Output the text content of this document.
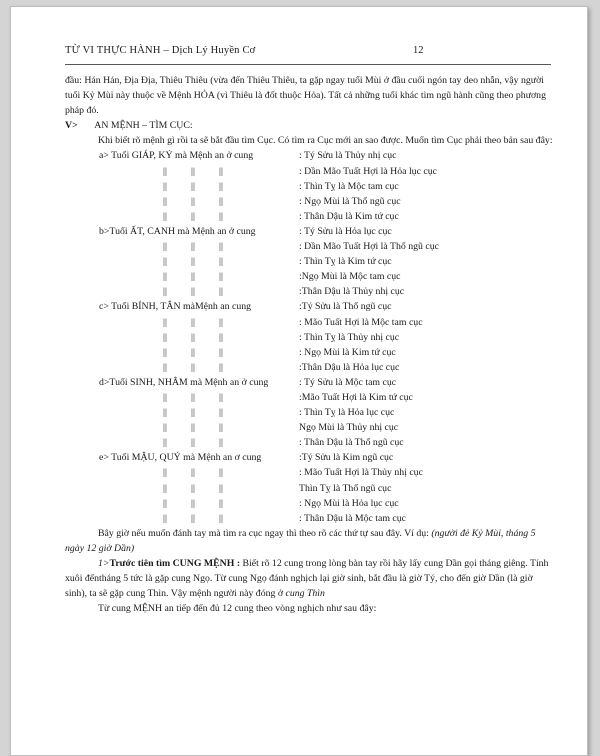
TỪ VI THỰC HÀNH – Dịch Lý Huyền Cơ	12

đầu: Hán Hán, Địa Địa, Thiêu Thiêu (vừa đến Thiêu Thiêu, ta gặp ngay tuổi Mùi ở đầu cuối ngón tay deo nhẫn, vậy người tuổi Kỷ Mùi này thuộc về Mệnh HỎA (vì Thiêu là đốt thuộc Hỏa). Tất cả những tuổi khác tìm ngũ hành cũng theo phương pháp đó.

V> AN MỆNH – TÌM CỤC:

Khi biết rõ mệnh gì rồi ta sẽ bắt đầu tìm Cục. Có tìm ra Cục mới an sao được. Muốn tìm Cục phải theo bản sau đây:

a> Tuổi GIÁP, KỶ mà Mệnh an ở cung	: Tý Sửu là Thủy nhị cục
|| || ||	: Dần Mão Tuất Hợi là Hỏa lục cục
|| || ||	: Thìn Tỵ là Mộc tam cục
|| || ||	: Ngọ Mùi là Thổ ngũ cục
|| || ||	: Thân Dậu là Kim tứ cục
b>Tuổi ẤT, CANH mà Mệnh an ở cung	: Tý Sửu là Hỏa lục cục
|| || ||	: Dần Mão Tuất Hợi là Thổ ngũ cục
|| || ||	: Thìn Tỵ là Kim tứ cục
|| || ||	:Ngọ Mùi là Mộc tam cục
|| || ||	:Thân Dậu là Thủy nhị cục
c> Tuổi BÍNH, TÂN màMệnh an cung	:Tý Sửu là Thổ ngũ cục
|| || ||	: Mão Tuất Hợi là Mộc tam cục
|| || ||	: Thìn Tỵ là Thủy nhị cục
|| || ||	: Ngọ Mùi là Kim tứ cục
|| || ||	:Thân Dậu là Hỏa lục cục
d>Tuổi SINH, NHÂM mà Mệnh an ở cung	: Tý Sửu là Mộc tam cục
|| || ||	:Mão Tuất Hợi là Kim tứ cục
|| || ||	: Thìn Tỵ là Hỏa lục cục
|| || ||	Ngọ Mùi là Thủy nhị cục
|| || ||	: Thân Dậu là Thổ ngũ cục
e> Tuổi MẬU, QUÝ mà Mệnh an ơ cung	:Tý Sửu là Kim ngũ cục
|| || ||	: Mão Tuất Hợi là Thủy nhị cục
|| || ||	Thìn Tỵ là Thổ ngũ cục
|| || ||	: Ngọ Mùi là Hỏa lục cục
|| || ||	: Thân Dậu là Mộc tam cục

Bây giờ nếu muốn đánh tay mà tìm ra cục ngay thì theo rõ các thứ tự sau đây. Ví dụ: (người đẻ Kỷ Mùi, tháng 5 ngày 12 giờ Dần)

1>Trước tiên tìm CUNG MỆNH : Biết rõ 12 cung trong lòng bàn tay rồi hãy lấy cung Dần gọi tháng giêng. Tính xuôi đếntháng 5 tức là gặp cung Ngọ. Từ cung Ngọ đánh nghịch lại giờ sinh, bắt đầu là giờ Tý, cho đến giờ Dần (là giờ sinh), ta sẽ gặp cung Thìn. Vậy mệnh người này đóng ở cung Thìn

Từ cung MỆNH an tiếp đến đủ 12 cung theo vòng nghịch như sau đây:
